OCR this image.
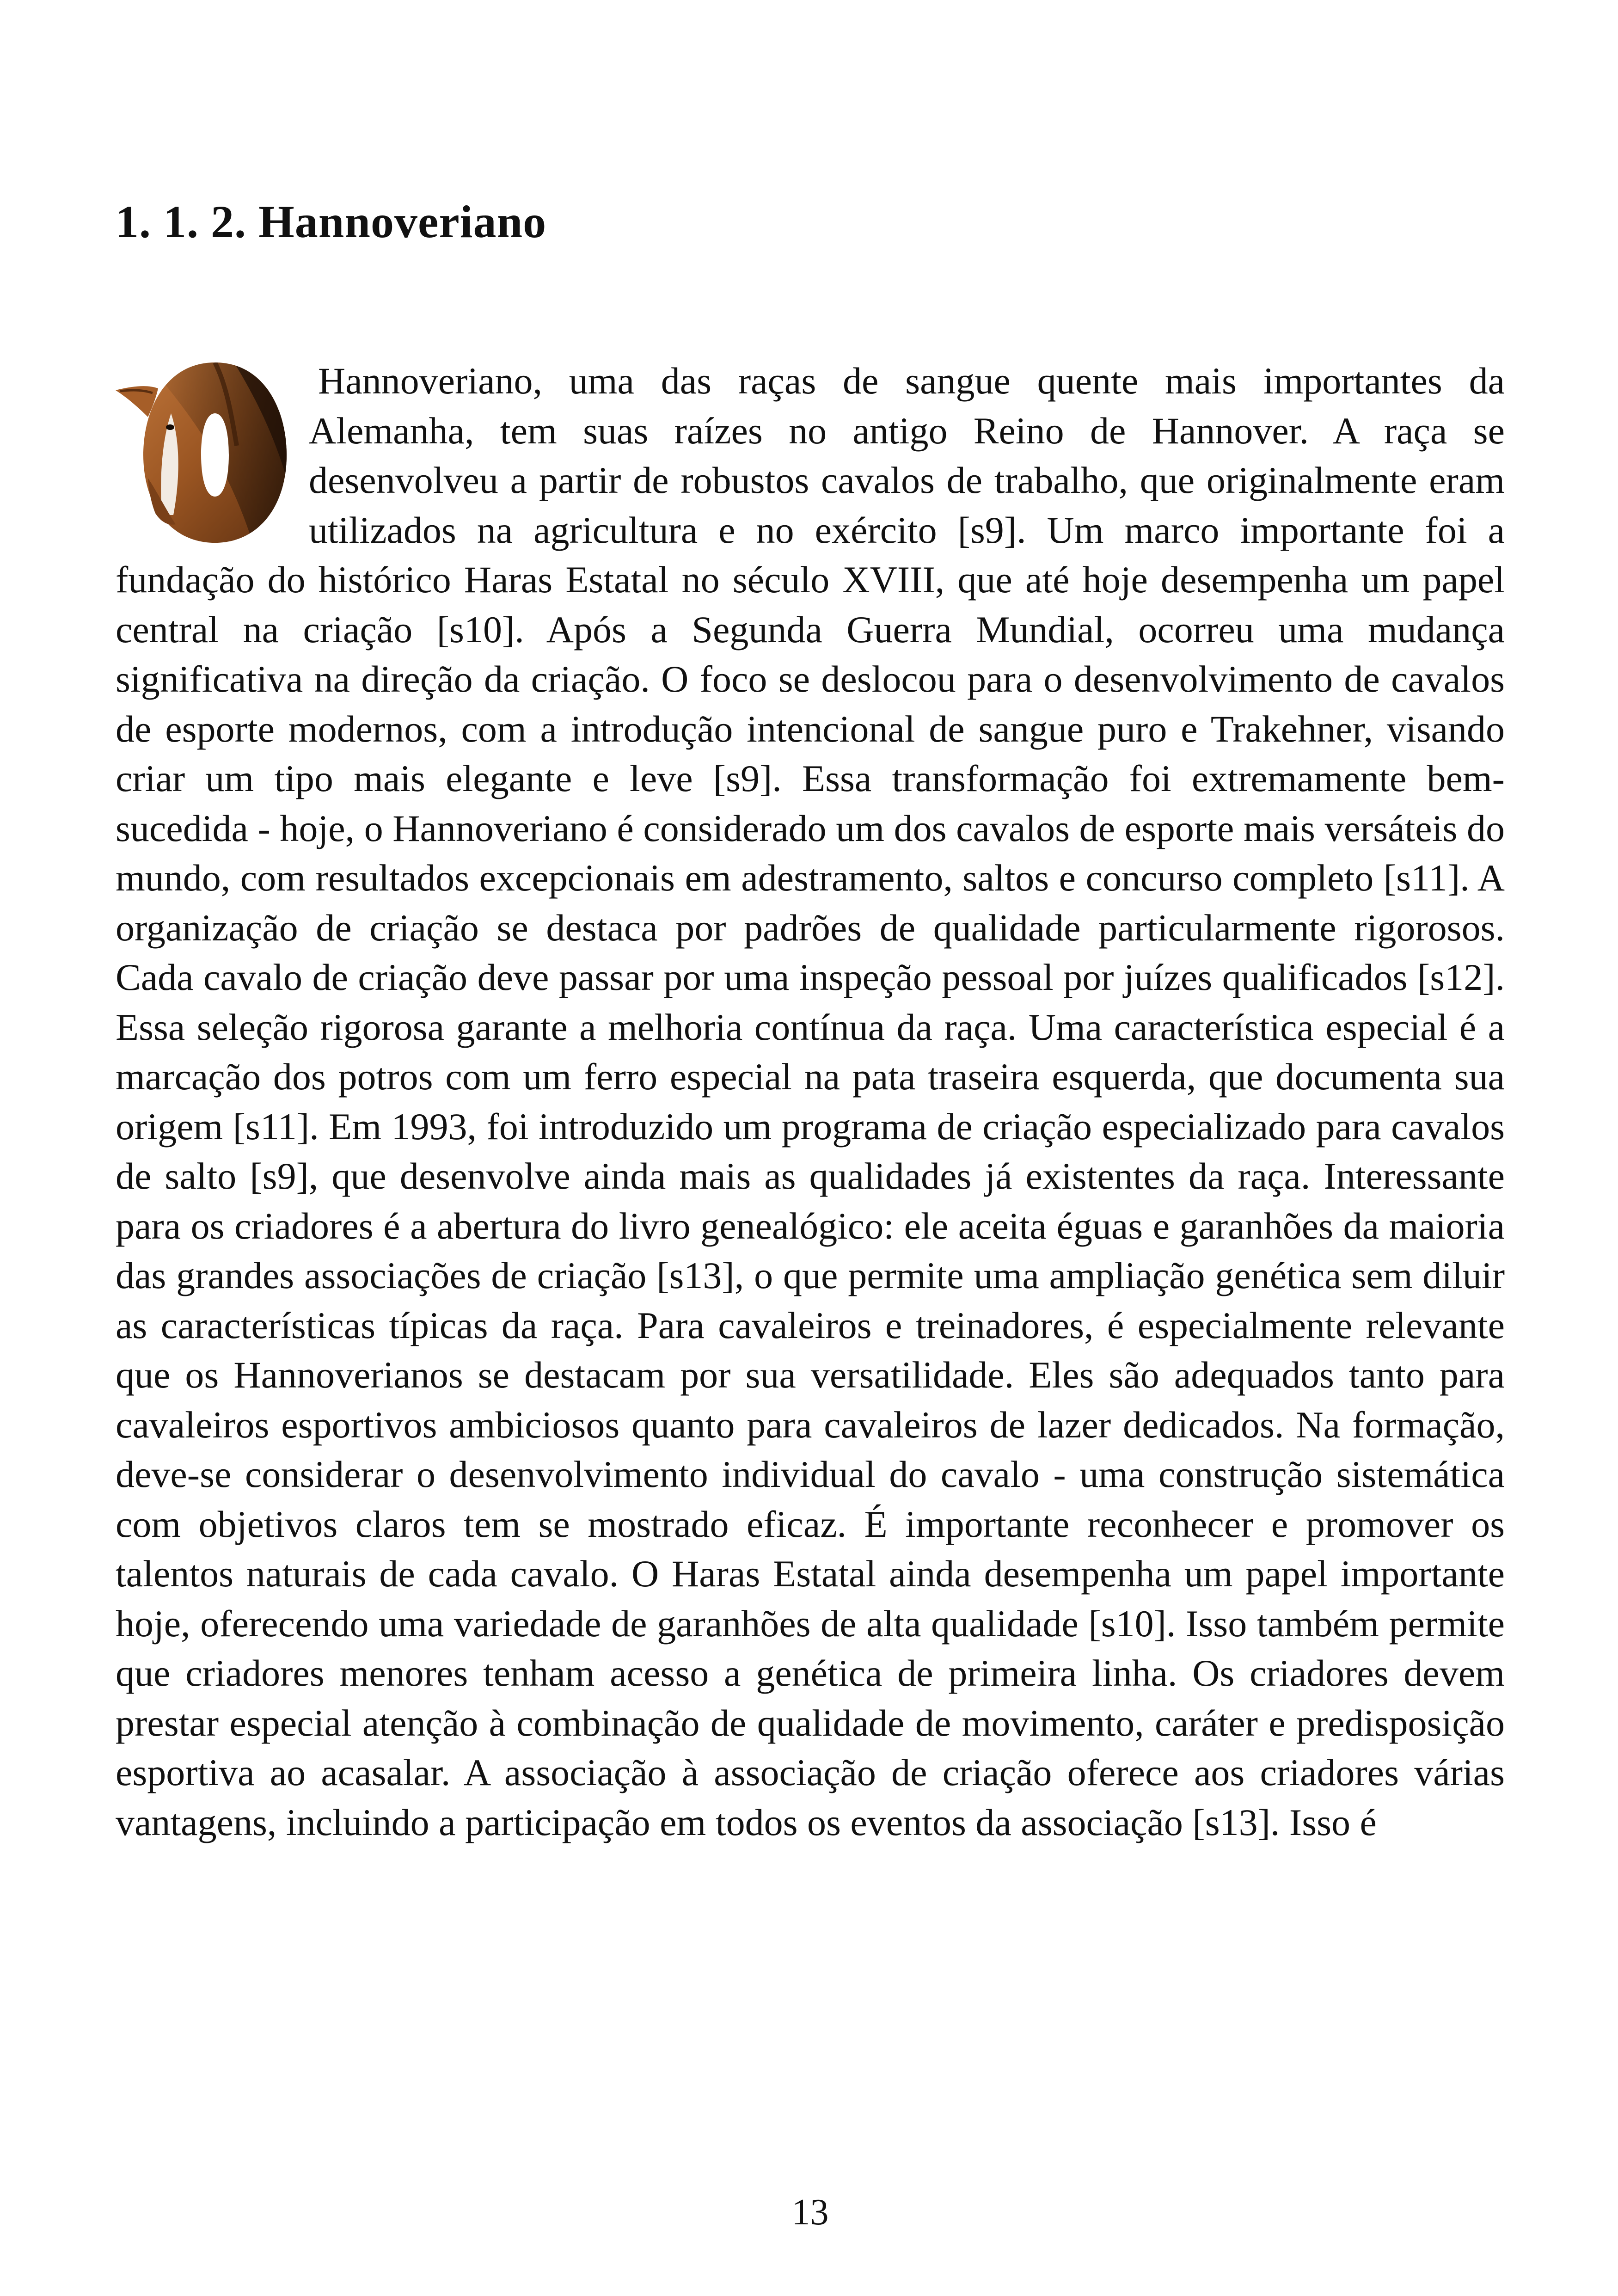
1. 1. 2. Hannoveriano
Hannoveriano, uma das raças de sangue quente mais importantes da Alemanha, tem suas raízes no antigo Reino de Hannover. A raça se desenvolveu a partir de robustos cavalos de trabalho, que originalmente eram utilizados na agricultura e no exército [s9]. Um marco importante foi a fundação do histórico Haras Estatal no século XVIII, que até hoje desempenha um papel central na criação [s10]. Após a Segunda Guerra Mundial, ocorreu uma mudança significativa na direção da criação. O foco se deslocou para o desenvolvimento de cavalos de esporte modernos, com a introdução intencional de sangue puro e Trakehner, visando criar um tipo mais elegante e leve [s9]. Essa transformação foi extremamente bem-sucedida - hoje, o Hannoveriano é considerado um dos cavalos de esporte mais versáteis do mundo, com resultados excepcionais em adestramento, saltos e concurso completo [s11]. A organização de criação se destaca por padrões de qualidade particularmente rigorosos. Cada cavalo de criação deve passar por uma inspeção pessoal por juízes qualificados [s12]. Essa seleção rigorosa garante a melhoria contínua da raça. Uma característica especial é a marcação dos potros com um ferro especial na pata traseira esquerda, que documenta sua origem [s11]. Em 1993, foi introduzido um programa de criação especializado para cavalos de salto [s9], que desenvolve ainda mais as qualidades já existentes da raça. Interessante para os criadores é a abertura do livro genealógico: ele aceita éguas e garanhões da maioria das grandes associações de criação [s13], o que permite uma ampliação genética sem diluir as características típicas da raça. Para cavaleiros e treinadores, é especialmente relevante que os Hannoverianos se destacam por sua versatilidade. Eles são adequados tanto para cavaleiros esportivos ambiciosos quanto para cavaleiros de lazer dedicados. Na formação, deve-se considerar o desenvolvimento individual do cavalo - uma construção sistemática com objetivos claros tem se mostrado eficaz. É importante reconhecer e promover os talentos naturais de cada cavalo. O Haras Estatal ainda desempenha um papel importante hoje, oferecendo uma variedade de garanhões de alta qualidade [s10]. Isso também permite que criadores menores tenham acesso a genética de primeira linha. Os criadores devem prestar especial atenção à combinação de qualidade de movimento, caráter e predisposição esportiva ao acasalar. A associação à associação de criação oferece aos criadores várias vantagens, incluindo a participação em todos os eventos da associação [s13]. Isso é
13
